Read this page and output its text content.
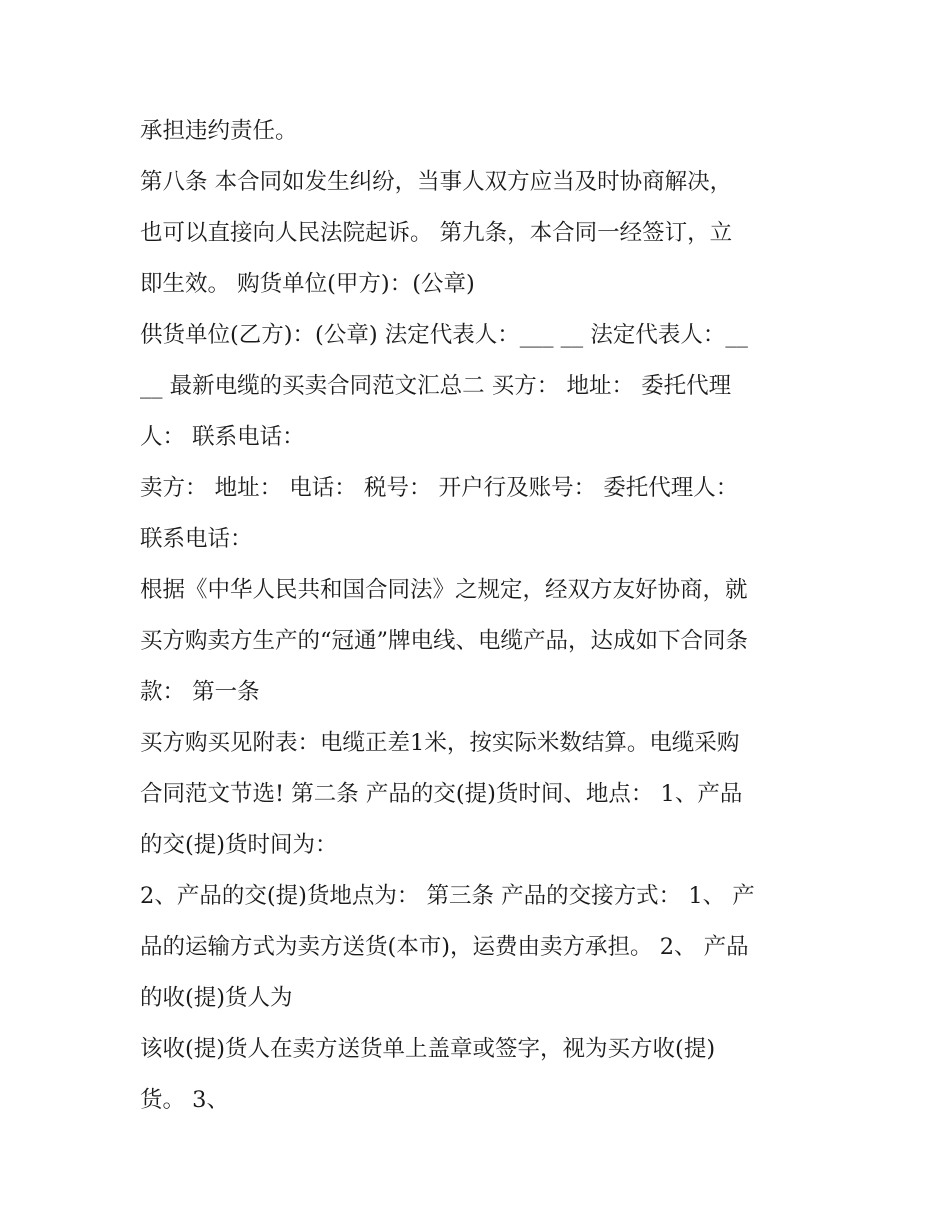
承担违约责任。
第八条 本合同如发生纠纷，当事人双方应当及时协商解决，
也可以直接向人民法院起诉。 第九条，本合同一经签订，立
即生效。 购货单位(甲方)：(公章)
供货单位(乙方)：(公章) 法定代表人：___ __ 法定代表人：__
__ 最新电缆的买卖合同范文汇总二 买方： 地址： 委托代理
人： 联系电话：
卖方： 地址： 电话： 税号： 开户行及账号： 委托代理人：
联系电话：
根据《中华人民共和国合同法》之规定，经双方友好协商，就
买方购卖方生产的“冠通”牌电线、电缆产品，达成如下合同条
款： 第一条
买方购买见附表：电缆正差1米，按实际米数结算。电缆采购
合同范文节选! 第二条 产品的交(提)货时间、地点： 1、产品
的交(提)货时间为：
2、产品的交(提)货地点为： 第三条 产品的交接方式： 1、 产
品的运输方式为卖方送货(本市)，运费由卖方承担。 2、 产品
的收(提)货人为
该收(提)货人在卖方送货单上盖章或签字，视为买方收(提)
货。 3、
